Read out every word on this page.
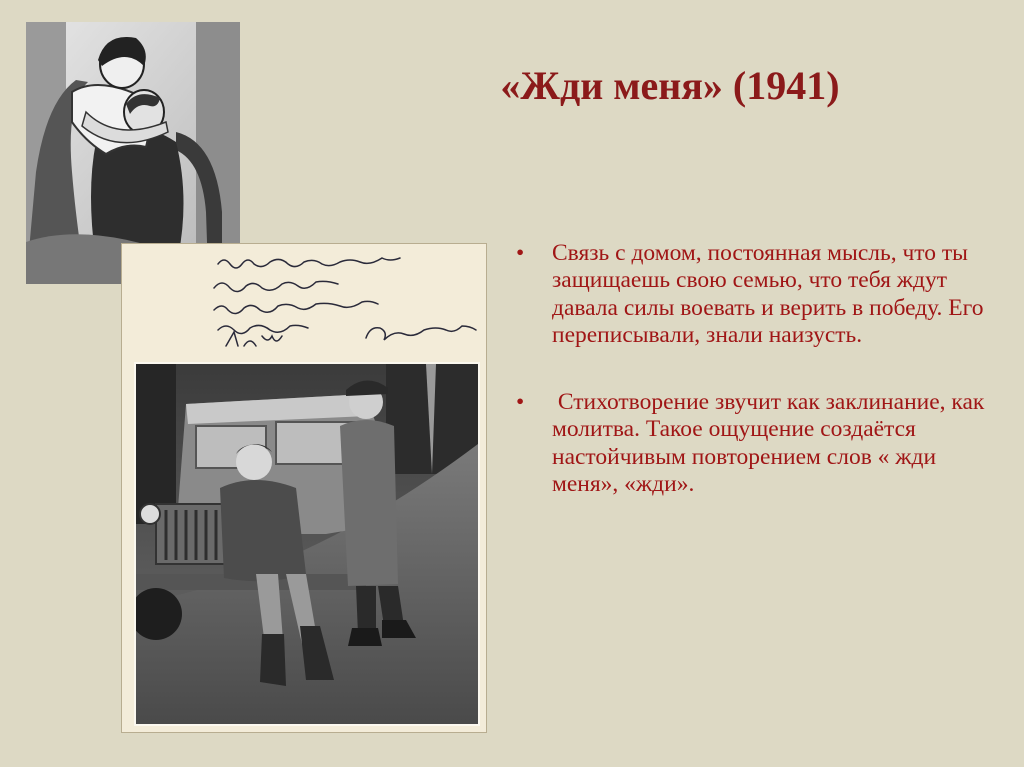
«Жди меня» (1941)
•	Связь с домом, постоянная мысль, что ты защищаешь свою семью, что тебя ждут давала силы воевать и верить в победу. Его переписывали, знали наизусть.
•	Стихотворение звучит как заклинание, как молитва. Такое ощущение создаётся настойчивым повторением слов « жди меня», «жди».
